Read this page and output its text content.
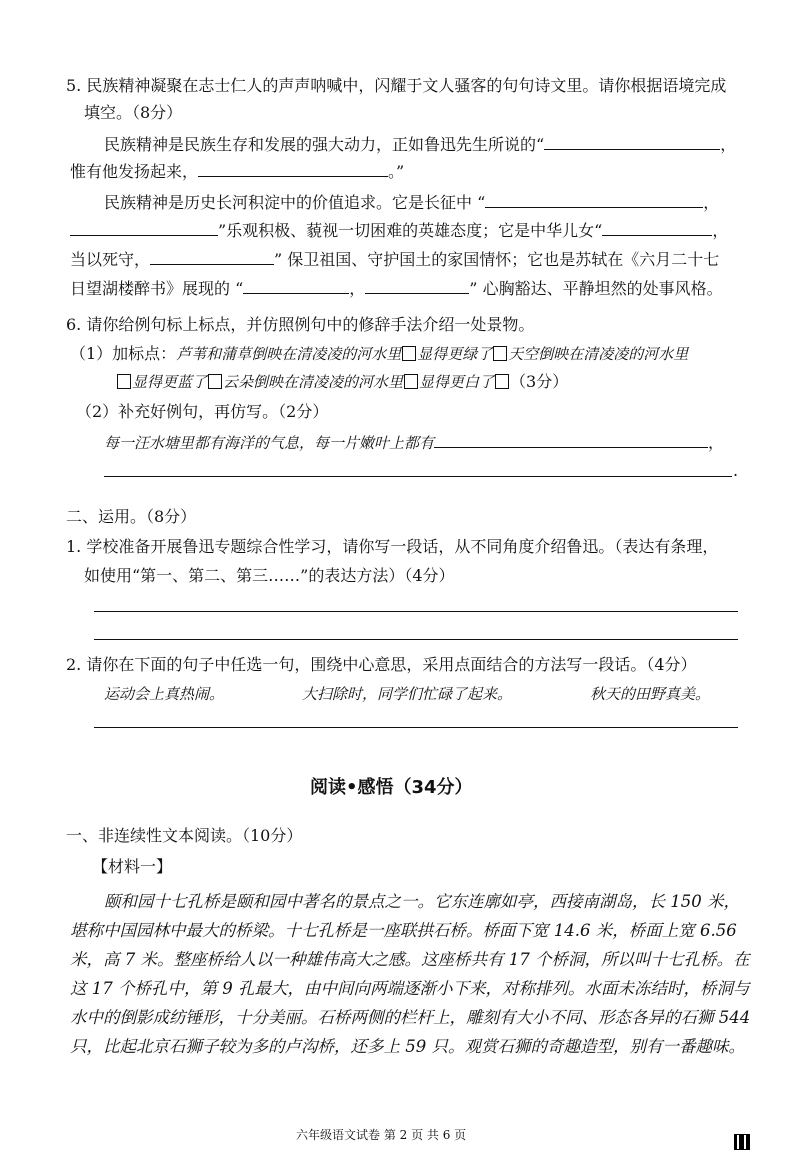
5. 民族精神凝聚在志士仁人的声声呐喊中，闪耀于文人骚客的句句诗文里。请你根据语境完成
填空。（8分）
民族精神是民族生存和发展的强大动力，正如鲁迅先生所说的“	，
惟有他发扬起来，	。”
民族精神是历史长河积淀中的价值追求。它是长征中 “	，
”乐观积极、藐视一切困难的英雄态度；它是中华儿女“	，
当以死守，	” 保卫祖国、守护国土的家国情怀；它也是苏轼在《六月二十七
日望湖楼醉书》展现的 “	，	” 心胸豁达、平静坦然的处事风格。
6. 请你给例句标上标点，并仿照例句中的修辞手法介绍一处景物。
（1）加标点：芦苇和蒲草倒映在清凌凌的河水里 显得更绿了 天空倒映在清凌凌的河水里
显得更蓝了 云朵倒映在清凌凌的河水里 显得更白了 （3分）
（2）补充好例句，再仿写。（2分）
每一汪水塘里都有海洋的气息，每一片嫩叶上都有	，
.
二、运用。（8分）
1. 学校准备开展鲁迅专题综合性学习，请你写一段话，从不同角度介绍鲁迅。（表达有条理，
如使用“第一、第二、第三……”的表达方法）（4分）
2. 请你在下面的句子中任选一句，围绕中心意思，采用点面结合的方法写一段话。（4分）
运动会上真热闹。	大扫除时，同学们忙碌了起来。	秋天的田野真美。
阅读•感悟（34分）
一、非连续性文本阅读。（10分）
【材料一】
颐和园十七孔桥是颐和园中著名的景点之一。它东连廓如亭，西接南湖岛，长 150 米，
堪称中国园林中最大的桥梁。十七孔桥是一座联拱石桥。桥面下宽 14.6 米，桥面上宽 6.56
米，高 7 米。整座桥给人以一种雄伟高大之感。这座桥共有 17 个桥洞，所以叫十七孔桥。在
这 17 个桥孔中，第 9 孔最大，由中间向两端逐渐小下来，对称排列。水面未冻结时，桥洞与
水中的倒影成纺锤形，十分美丽。石桥两侧的栏杆上，雕刻有大小不同、形态各异的石狮 544
只，比起北京石狮子较为多的卢沟桥，还多上 59 只。观赏石狮的奇趣造型，别有一番趣味。
六年级语文试卷 第 2 页 共 6 页
